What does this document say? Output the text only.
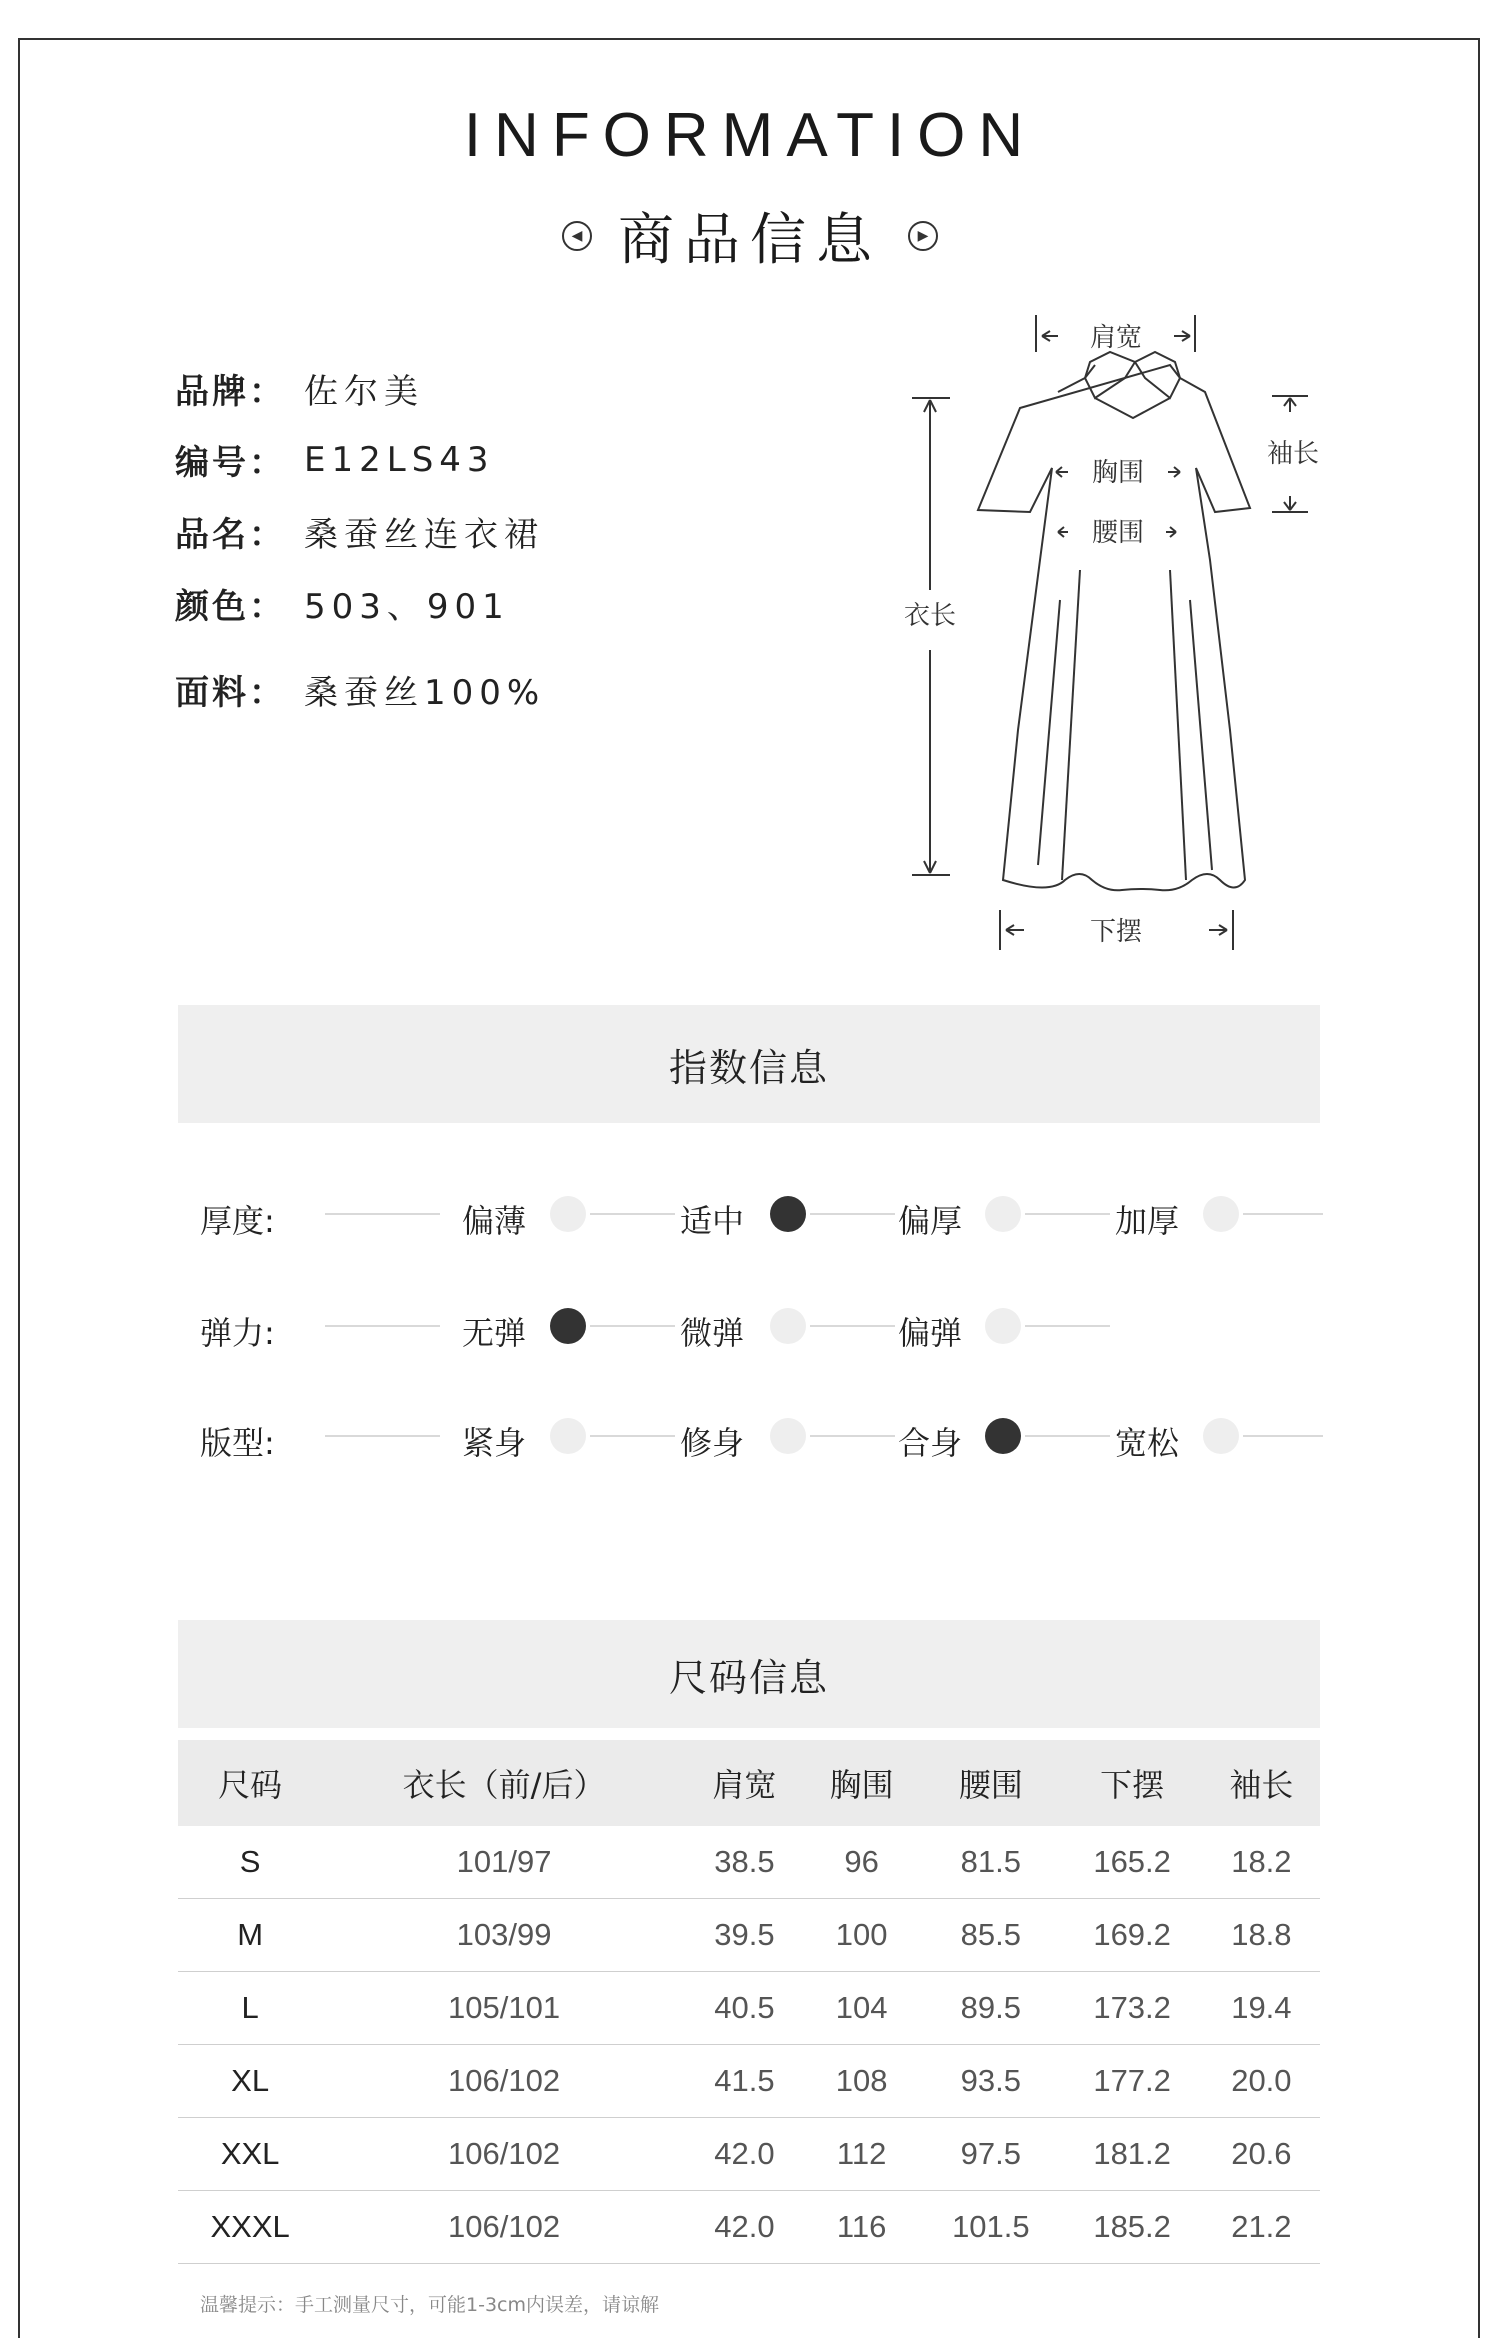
INFORMATION
◀ 商品信息	▶
品牌： 佐尔美
编号： E12LS43
品名： 桑蚕丝连衣裙
颜色： 503、901
面料： 桑蚕丝100%
肩宽
袖长
胸围
腰围
衣长
下摆
指数信息
厚度:	偏薄	适中	偏厚	加厚
弹力:	无弹	微弹	偏弹
版型:	紧身	修身	合身	宽松
尺码信息
尺码	衣长（前/后）	肩宽	胸围	腰围	下摆	袖长
S	101/97	38.5	96	81.5	165.2	18.2
M	103/99	39.5	100	85.5	169.2	18.8
L	105/101	40.5	104	89.5	173.2	19.4
XL	106/102	41.5	108	93.5	177.2	20.0
XXL	106/102	42.0	112	97.5	181.2	20.6
XXXL	106/102	42.0	116	101.5	185.2	21.2
温馨提示：手工测量尺寸，可能1-3cm内误差，请谅解
